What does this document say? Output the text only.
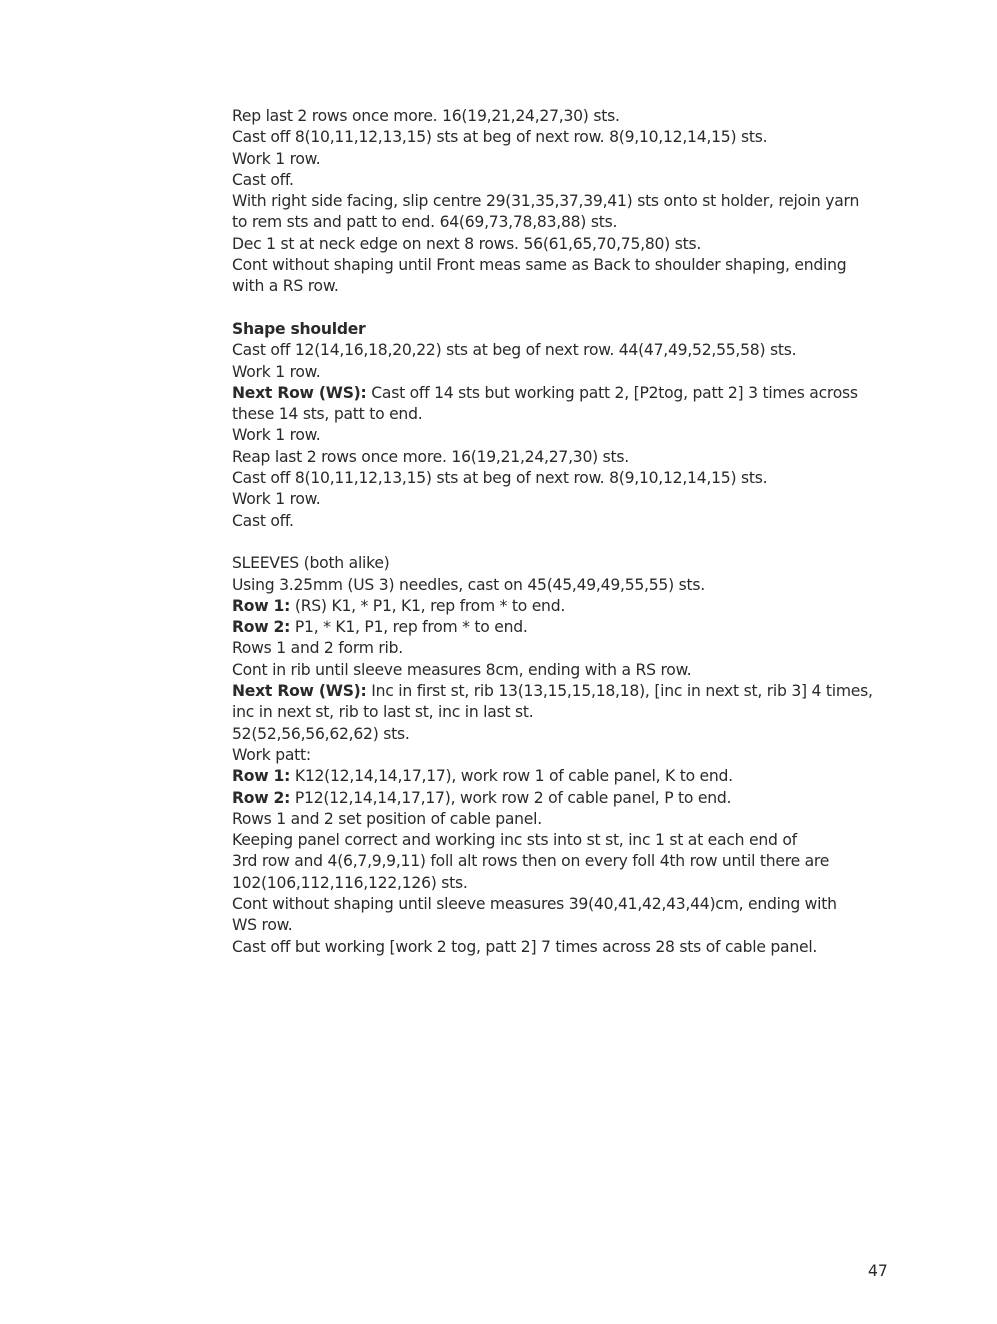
Rep last 2 rows once more. 16(19,21,24,27,30) sts.
Cast off 8(10,11,12,13,15) sts at beg of next row. 8(9,10,12,14,15) sts.
Work 1 row.
Cast off.
With right side facing, slip centre 29(31,35,37,39,41) sts onto st holder, rejoin yarn
to rem sts and patt to end. 64(69,73,78,83,88) sts.
Dec 1 st at neck edge on next 8 rows. 56(61,65,70,75,80) sts.
Cont without shaping until Front meas same as Back to shoulder shaping, ending
with a RS row.
Shape shoulder
Cast off 12(14,16,18,20,22) sts at beg of next row. 44(47,49,52,55,58) sts.
Work 1 row.
Next Row (WS): Cast off 14 sts but working patt 2, [P2tog, patt 2] 3 times across
these 14 sts, patt to end.
Work 1 row.
Reap last 2 rows once more. 16(19,21,24,27,30) sts.
Cast off 8(10,11,12,13,15) sts at beg of next row. 8(9,10,12,14,15) sts.
Work 1 row.
Cast off.
SLEEVES (both alike)
Using 3.25mm (US 3) needles, cast on 45(45,49,49,55,55) sts.
Row 1: (RS) K1, * P1, K1, rep from * to end.
Row 2: P1, * K1, P1, rep from * to end.
Rows 1 and 2 form rib.
Cont in rib until sleeve measures 8cm, ending with a RS row.
Next Row (WS): Inc in first st, rib 13(13,15,15,18,18), [inc in next st, rib 3] 4 times,
inc in next st, rib to last st, inc in last st.
52(52,56,56,62,62) sts.
Work patt:
Row 1: K12(12,14,14,17,17), work row 1 of cable panel, K to end.
Row 2: P12(12,14,14,17,17), work row 2 of cable panel, P to end.
Rows 1 and 2 set position of cable panel.
Keeping panel correct and working inc sts into st st, inc 1 st at each end of
3rd row and 4(6,7,9,9,11) foll alt rows then on every foll 4th row until there are
102(106,112,116,122,126) sts.
Cont without shaping until sleeve measures 39(40,41,42,43,44)cm, ending with
WS row.
Cast off but working [work 2 tog, patt 2] 7 times across 28 sts of cable panel.
47
